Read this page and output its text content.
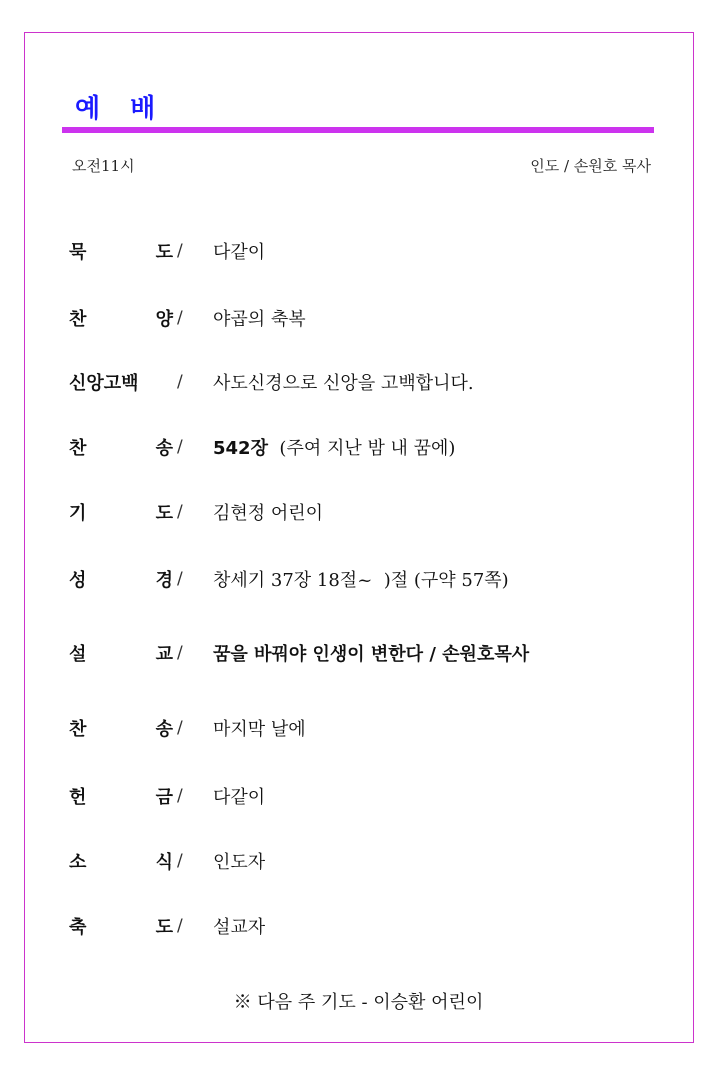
예 배
오전11시	인도 / 손원호 목사
묵	도 /	다같이
찬	양 /	야곱의 축복
신앙고백	/	사도신경으로 신앙을 고백합니다.
찬	송 /	542장 (주여 지난 밤 내 꿈에)
기	도 /	김현정 어린이
성	경 /	창세기 37장 18절~  )절 (구약 57쪽)
설	교 /	꿈을 바꿔야 인생이 변한다 / 손원호목사
찬	송 /	마지막 날에
헌	금 /	다같이
소	식 /	인도자
축	도 /	설교자
※ 다음 주 기도 - 이승환 어린이
